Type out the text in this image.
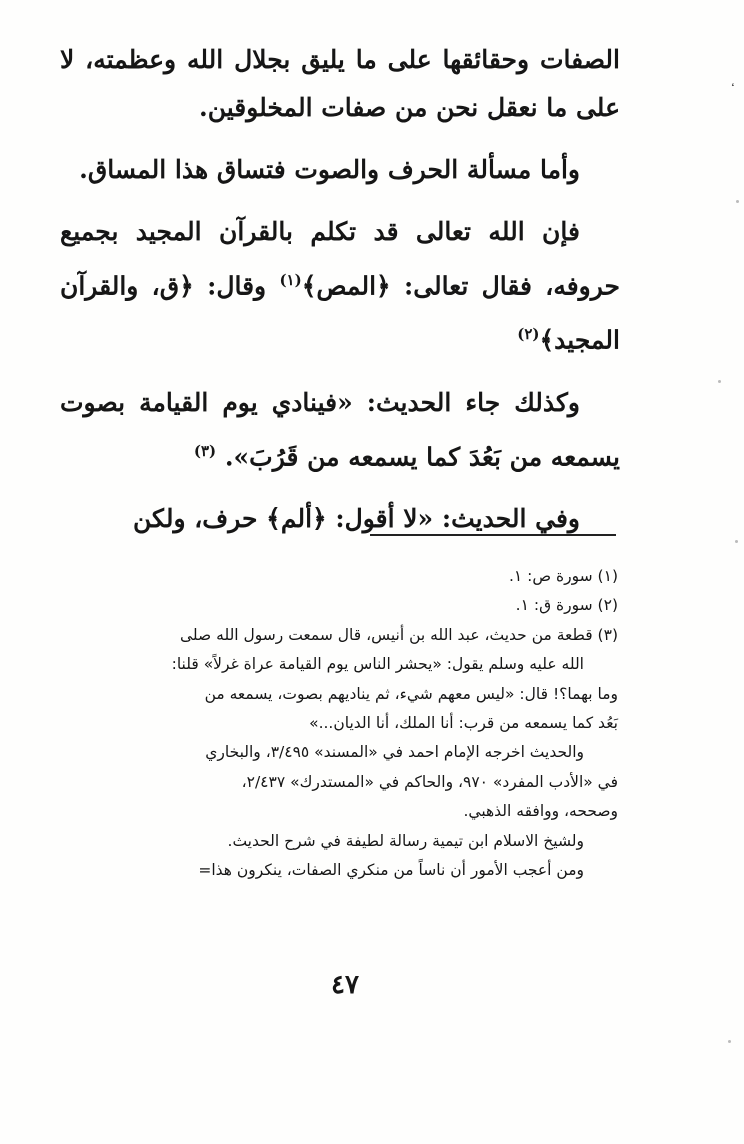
الصفات وحقائقها على ما يليق بجلال الله وعظمته، لا على ما نعقل نحن من صفات المخلوقين.

وأما مسألة الحرف والصوت فتساق هذا المساق.

فإن الله تعالى قد تكلم بالقرآن المجيد بجميع حروفه، فقال تعالى: ﴿المص﴾$^{(١)}$ وقال: ﴿ق، والقرآن المجيد﴾$^{(٢)}$

وكذلك جاء الحديث: «فينادي يوم القيامة بصوت يسمعه من بَعُدَ كما يسمعه من قَرُبَ». $^{(٣)}$

وفي الحديث: «لا أقول: ﴿ألم﴾ حرف، ولكن

(١) سورة ص: ١.
(٢) سورة ق: ١.
(٣) قطعة من حديث، عبد الله بن أنيس، قال سمعت رسول الله صلى
الله عليه وسلم يقول: «يحشر الناس يوم القيامة عراة غرلاً» قلنا:
وما بهما؟! قال: «ليس معهم شيء، ثم يناديهم بصوت، يسمعه من
بَعُد كما يسمعه من قرب: أنا الملك، أنا الديان...»
والحديث اخرجه الإمام احمد في «المسند» ٣/٤٩٥، والبخاري
في «الأدب المفرد» ٩٧٠، والحاكم في «المستدرك» ٢/٤٣٧،
وصححه، ووافقه الذهبي.
ولشيخ الاسلام ابن تيمية رسالة لطيفة في شرح الحديث.
ومن أعجب الأمور أن ناساً من منكري الصفات، ينكرون هذا=
٤٧
